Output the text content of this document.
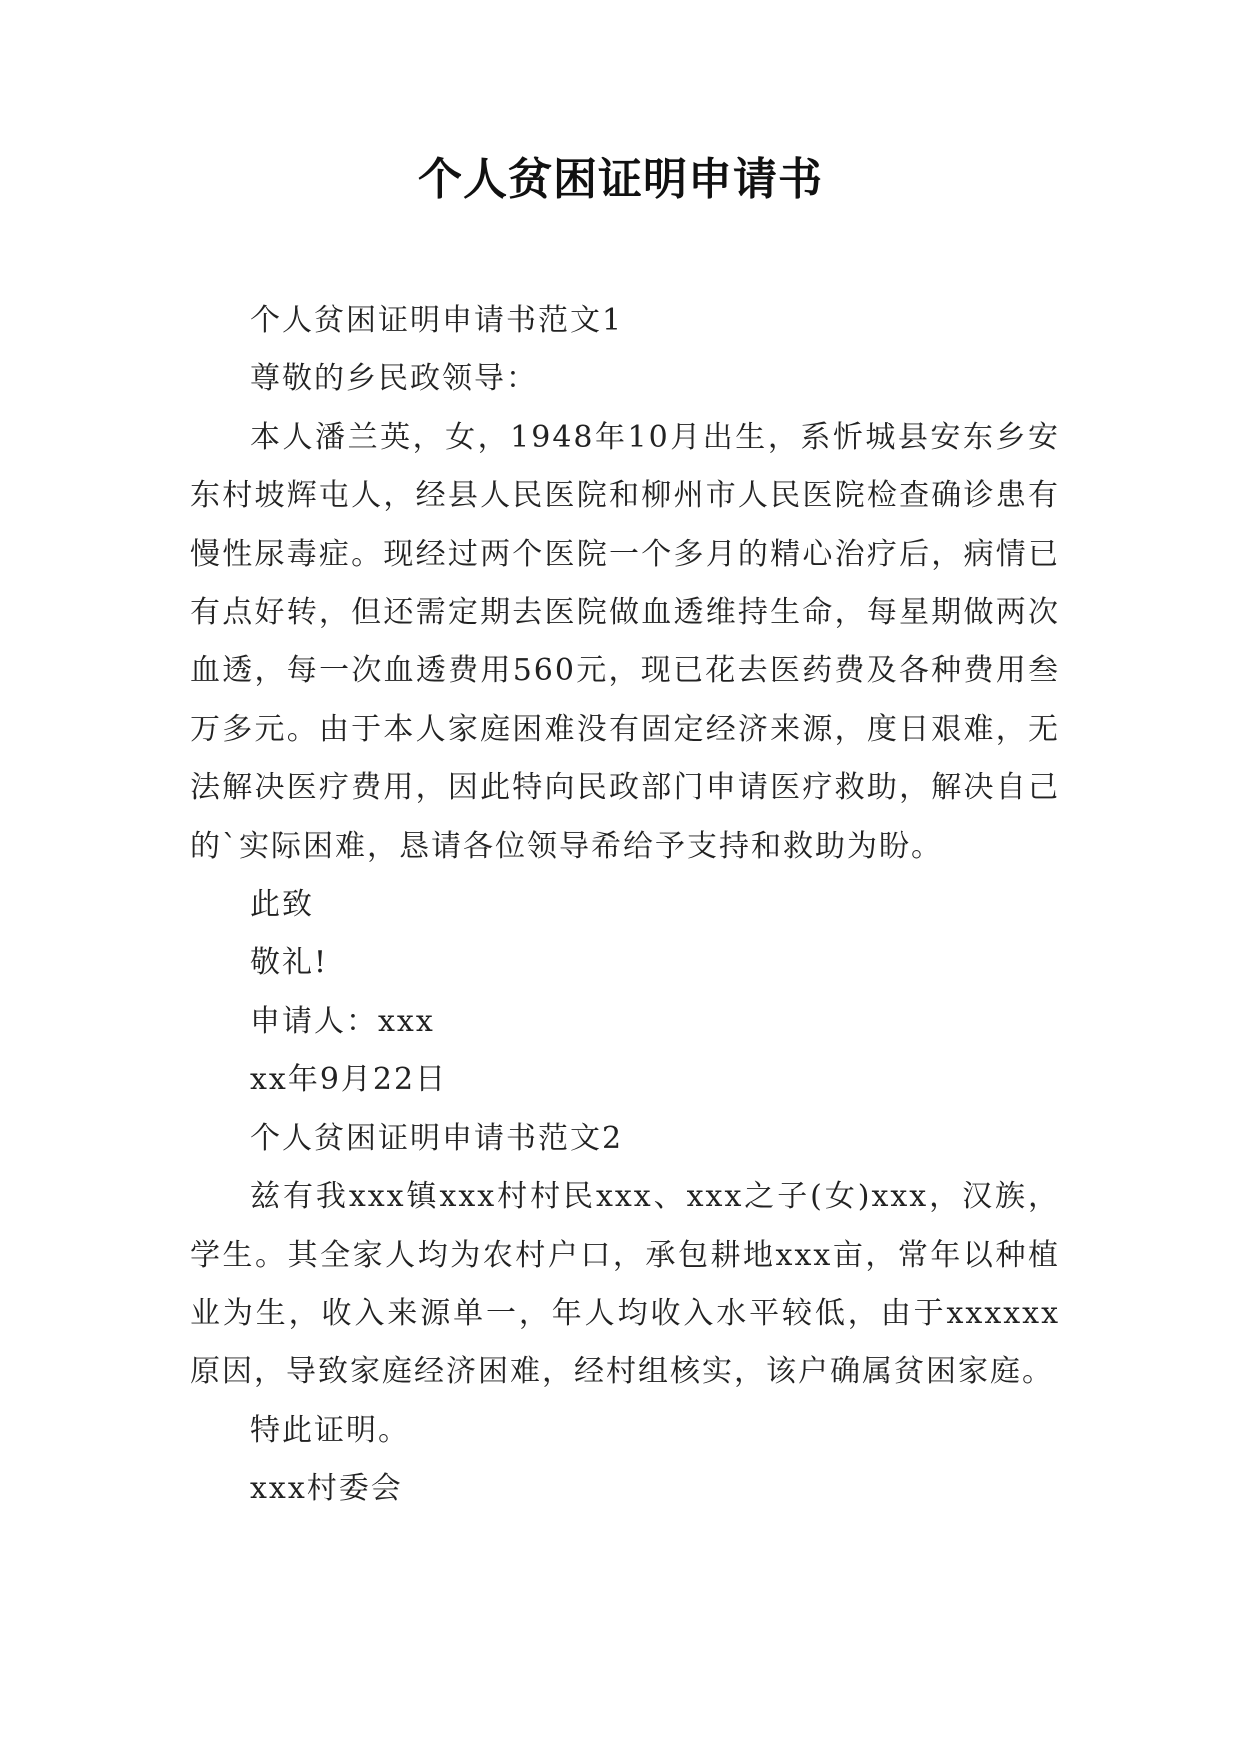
个人贫困证明申请书

个人贫困证明申请书范文1

尊敬的乡民政领导：

本人潘兰英，女，1948年10月出生，系忻城县安东乡安东村坡辉屯人，经县人民医院和柳州市人民医院检查确诊患有慢性尿毒症。现经过两个医院一个多月的精心治疗后，病情已有点好转，但还需定期去医院做血透维持生命，每星期做两次血透，每一次血透费用560元，现已花去医药费及各种费用叁万多元。由于本人家庭困难没有固定经济来源，度日艰难，无法解决医疗费用，因此特向民政部门申请医疗救助，解决自己的`实际困难，恳请各位领导希给予支持和救助为盼。

此致

敬礼!

申请人：xxx

xx年9月22日

个人贫困证明申请书范文2

兹有我xxx镇xxx村村民xxx、xxx之子(女)xxx，汉族，学生。其全家人均为农村户口，承包耕地xxx亩，常年以种植业为生，收入来源单一，年人均收入水平较低，由于xxxxxx原因，导致家庭经济困难，经村组核实，该户确属贫困家庭。

特此证明。

xxx村委会
